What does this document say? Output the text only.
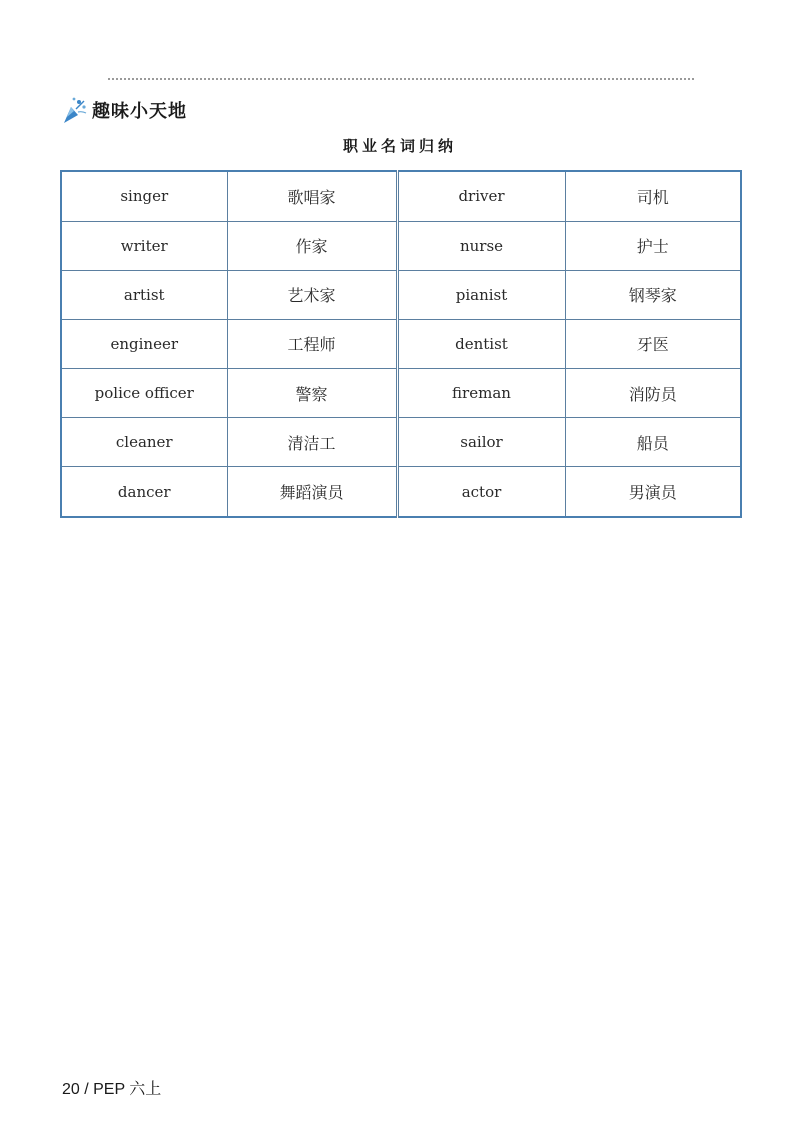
趣味小天地
职业名词归纳
singer	歌唱家	driver	司机
writer	作家	nurse	护士
artist	艺术家	pianist	钢琴家
engineer	工程师	dentist	牙医
police officer	警察	fireman	消防员
cleaner	清洁工	sailor	船员
dancer	舞蹈演员	actor	男演员
20 / PEP 六上
